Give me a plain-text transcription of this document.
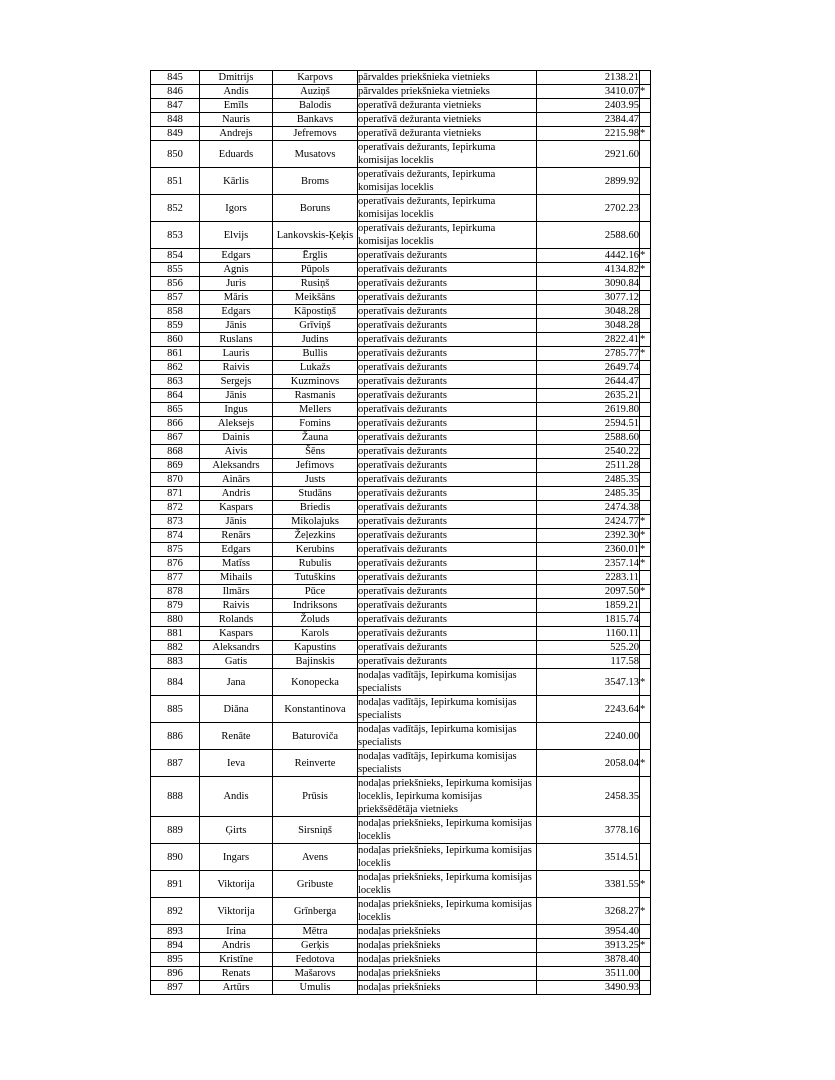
845	Dmitrijs	Karpovs	pārvaldes priekšnieka vietnieks	2138.21	
846	Andis	Auziņš	pārvaldes priekšnieka vietnieks	3410.07	*
847	Emīls	Balodis	operatīvā dežuranta vietnieks	2403.95	
848	Nauris	Bankavs	operatīvā dežuranta vietnieks	2384.47	
849	Andrejs	Jefremovs	operatīvā dežuranta vietnieks	2215.98	*
850	Eduards	Musatovs	operatīvais dežurants, Iepirkuma komisijas loceklis	2921.60	
851	Kārlis	Broms	operatīvais dežurants, Iepirkuma komisijas loceklis	2899.92	
852	Igors	Boruns	operatīvais dežurants, Iepirkuma komisijas loceklis	2702.23	
853	Elvijs	Lankovskis-Ķeķis	operatīvais dežurants, Iepirkuma komisijas loceklis	2588.60	
854	Edgars	Ērglis	operatīvais dežurants	4442.16	*
855	Agnis	Pūpols	operatīvais dežurants	4134.82	*
856	Juris	Rusiņš	operatīvais dežurants	3090.84	
857	Māris	Meikšāns	operatīvais dežurants	3077.12	
858	Edgars	Kāpostiņš	operatīvais dežurants	3048.28	
859	Jānis	Grīviņš	operatīvais dežurants	3048.28	
860	Ruslans	Judins	operatīvais dežurants	2822.41	*
861	Lauris	Bullis	operatīvais dežurants	2785.77	*
862	Raivis	Lukažs	operatīvais dežurants	2649.74	
863	Sergejs	Kuzminovs	operatīvais dežurants	2644.47	
864	Jānis	Rasmanis	operatīvais dežurants	2635.21	
865	Ingus	Mellers	operatīvais dežurants	2619.80	
866	Aleksejs	Fomins	operatīvais dežurants	2594.51	
867	Dainis	Žauna	operatīvais dežurants	2588.60	
868	Aivis	Šēns	operatīvais dežurants	2540.22	
869	Aleksandrs	Jefimovs	operatīvais dežurants	2511.28	
870	Ainārs	Justs	operatīvais dežurants	2485.35	
871	Andris	Studāns	operatīvais dežurants	2485.35	
872	Kaspars	Briedis	operatīvais dežurants	2474.38	
873	Jānis	Mikolajuks	operatīvais dežurants	2424.77	*
874	Renārs	Žeļezkins	operatīvais dežurants	2392.30	*
875	Edgars	Kerubins	operatīvais dežurants	2360.01	*
876	Matīss	Rubulis	operatīvais dežurants	2357.14	*
877	Mihails	Tutuškins	operatīvais dežurants	2283.11	
878	Ilmārs	Pūce	operatīvais dežurants	2097.50	*
879	Raivis	Indriksons	operatīvais dežurants	1859.21	
880	Rolands	Žoluds	operatīvais dežurants	1815.74	
881	Kaspars	Karols	operatīvais dežurants	1160.11	
882	Aleksandrs	Kapustins	operatīvais dežurants	525.20	
883	Gatis	Bajinskis	operatīvais dežurants	117.58	
884	Jana	Konopecka	nodaļas vadītājs, Iepirkuma komisijas specialists	3547.13	*
885	Diāna	Konstantinova	nodaļas vadītājs, Iepirkuma komisijas specialists	2243.64	*
886	Renāte	Baturoviča	nodaļas vadītājs, Iepirkuma komisijas specialists	2240.00	
887	Ieva	Reinverte	nodaļas vadītājs, Iepirkuma komisijas specialists	2058.04	*
888	Andis	Prūsis	nodaļas priekšnieks, Iepirkuma komisijas loceklis, Iepirkuma komisijas priekšsēdētāja vietnieks	2458.35	
889	Ģirts	Sirsniņš	nodaļas priekšnieks, Iepirkuma komisijas loceklis	3778.16	
890	Ingars	Avens	nodaļas priekšnieks, Iepirkuma komisijas loceklis	3514.51	
891	Viktorija	Gribuste	nodaļas priekšnieks, Iepirkuma komisijas loceklis	3381.55	*
892	Viktorija	Grīnberga	nodaļas priekšnieks, Iepirkuma komisijas loceklis	3268.27	*
893	Irina	Mētra	nodaļas priekšnieks	3954.40	
894	Andris	Gerķis	nodaļas priekšnieks	3913.25	*
895	Kristīne	Fedotova	nodaļas priekšnieks	3878.40	
896	Renats	Mašarovs	nodaļas priekšnieks	3511.00	
897	Artūrs	Umulis	nodaļas priekšnieks	3490.93	
